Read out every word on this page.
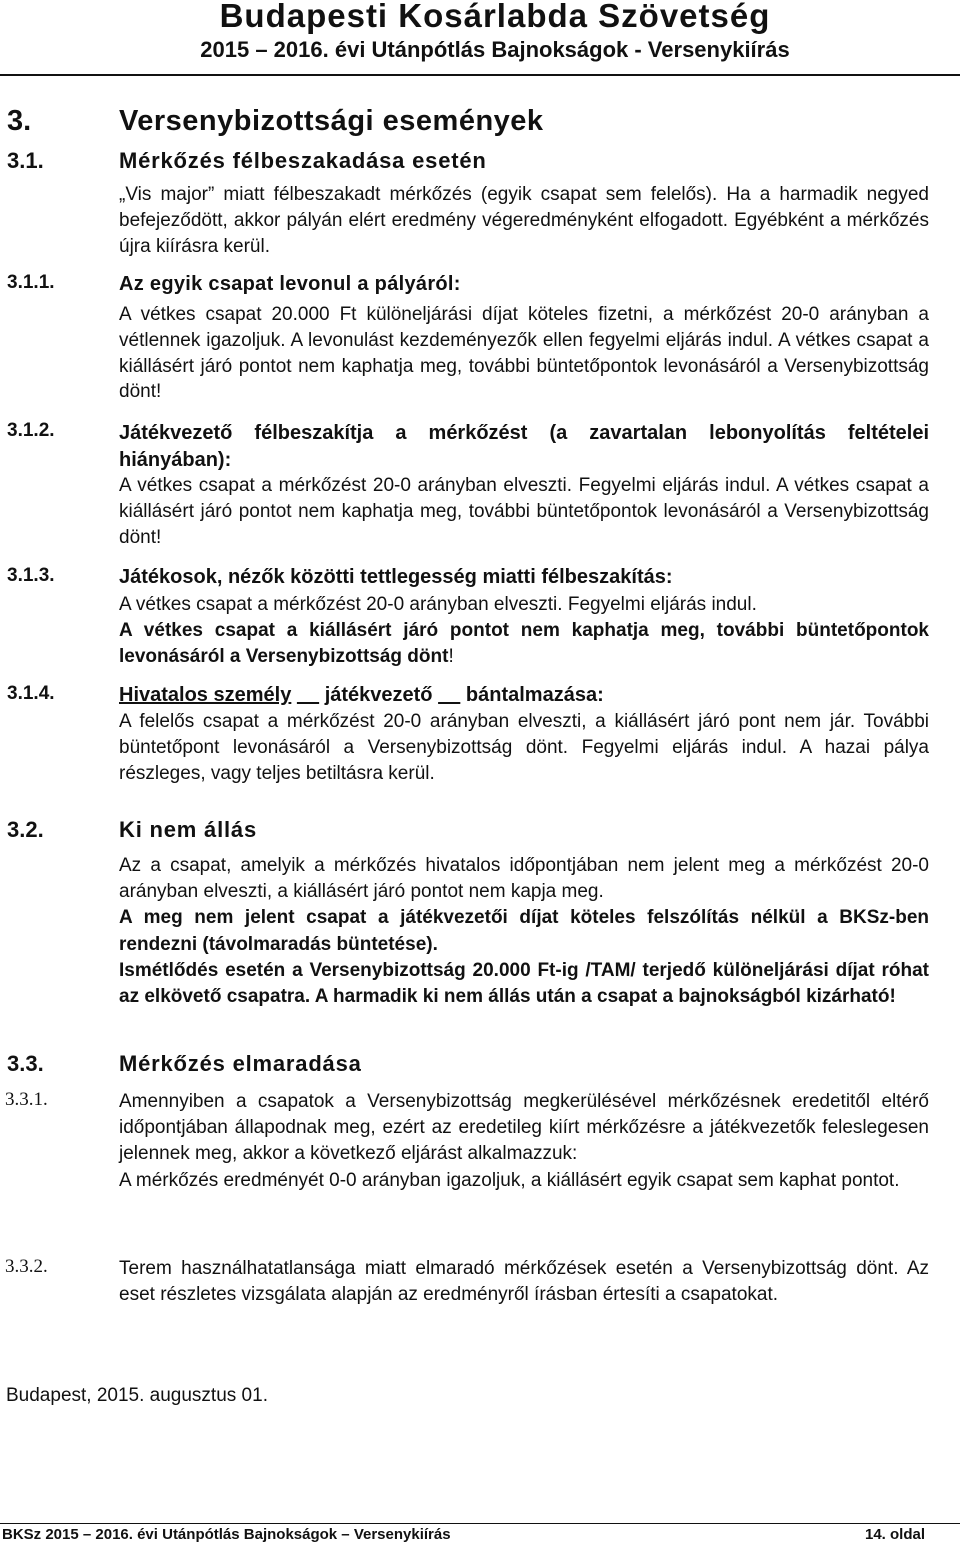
Budapesti Kosárlabda Szövetség
2015 – 2016. évi Utánpótlás Bajnokságok - Versenykiírás
3.	Versenybizottsági események
3.1.	Mérkőzés félbeszakadása esetén
„Vis major” miatt félbeszakadt mérkőzés (egyik csapat sem felelős). Ha a harmadik negyed befejeződött, akkor pályán elért eredmény végeredményként elfogadott. Egyébként a mérkőzés újra kiírásra kerül.
3.1.1.	Az egyik csapat levonul a pályáról:
A vétkes csapat 20.000 Ft különeljárási díjat köteles fizetni, a mérkőzést 20-0 arányban a vétlennek igazoljuk. A levonulást kezdeményezők ellen fegyelmi eljárás indul. A vétkes csapat a kiállásért járó pontot nem kaphatja meg, további büntetőpontok levonásáról a Versenybizottság dönt!
3.1.2.	Játékvezető félbeszakítja a mérkőzést (a zavartalan lebonyolítás feltételei hiányában):
A vétkes csapat a mérkőzést 20-0 arányban elveszti. Fegyelmi eljárás indul. A vétkes csapat a kiállásért járó pontot nem kaphatja meg, további büntetőpontok levonásáról a Versenybizottság dönt!
3.1.3.	Játékosok, nézők közötti tettlegesség miatti félbeszakítás:
A vétkes csapat a mérkőzést 20-0 arányban elveszti. Fegyelmi eljárás indul.
A vétkes csapat a kiállásért járó pontot nem kaphatja meg, további büntetőpontok levonásáról a Versenybizottság dönt!
3.1.4.	Hivatalos személy játékvezető bántalmazása:
A felelős csapat a mérkőzést 20-0 arányban elveszti, a kiállásért járó pont nem jár. További büntetőpont levonásáról a Versenybizottság dönt. Fegyelmi eljárás indul. A hazai pálya részleges, vagy teljes betiltásra kerül.
3.2.	Ki nem állás

Az a csapat, amelyik a mérkőzés hivatalos időpontjában nem jelent meg a mérkőzést 20-0 arányban elveszti, a kiállásért járó pontot nem kapja meg.

A meg nem jelent csapat a játékvezetői díjat köteles felszólítás nélkül a BKSz-ben rendezni (távolmaradás büntetése).

Ismétlődés esetén a Versenybizottság 20.000 Ft-ig /TAM/ terjedő különeljárási díjat róhat az elkövető csapatra. A harmadik ki nem állás után a csapat a bajnokságból kizárható!

3.3.	Mérkőzés elmaradása
3.3.1.	Amennyiben a csapatok a Versenybizottság megkerülésével mérkőzésnek eredetitől eltérő időpontjában állapodnak meg, ezért az eredetileg kiírt mérkőzésre a játékvezetők feleslegesen jelennek meg, akkor a következő eljárást alkalmazzuk:

A mérkőzés eredményét 0-0 arányban igazoljuk, a kiállásért egyik csapat sem kaphat pontot.

3.3.2.	Terem használhatatlansága miatt elmaradó mérkőzések esetén a Versenybizottság dönt. Az eset részletes vizsgálata alapján az eredményről írásban értesíti a csapatokat.
Budapest, 2015. augusztus 01.
BKSz 2015 – 2016. évi Utánpótlás Bajnokságok – Versenykiírás	14. oldal
